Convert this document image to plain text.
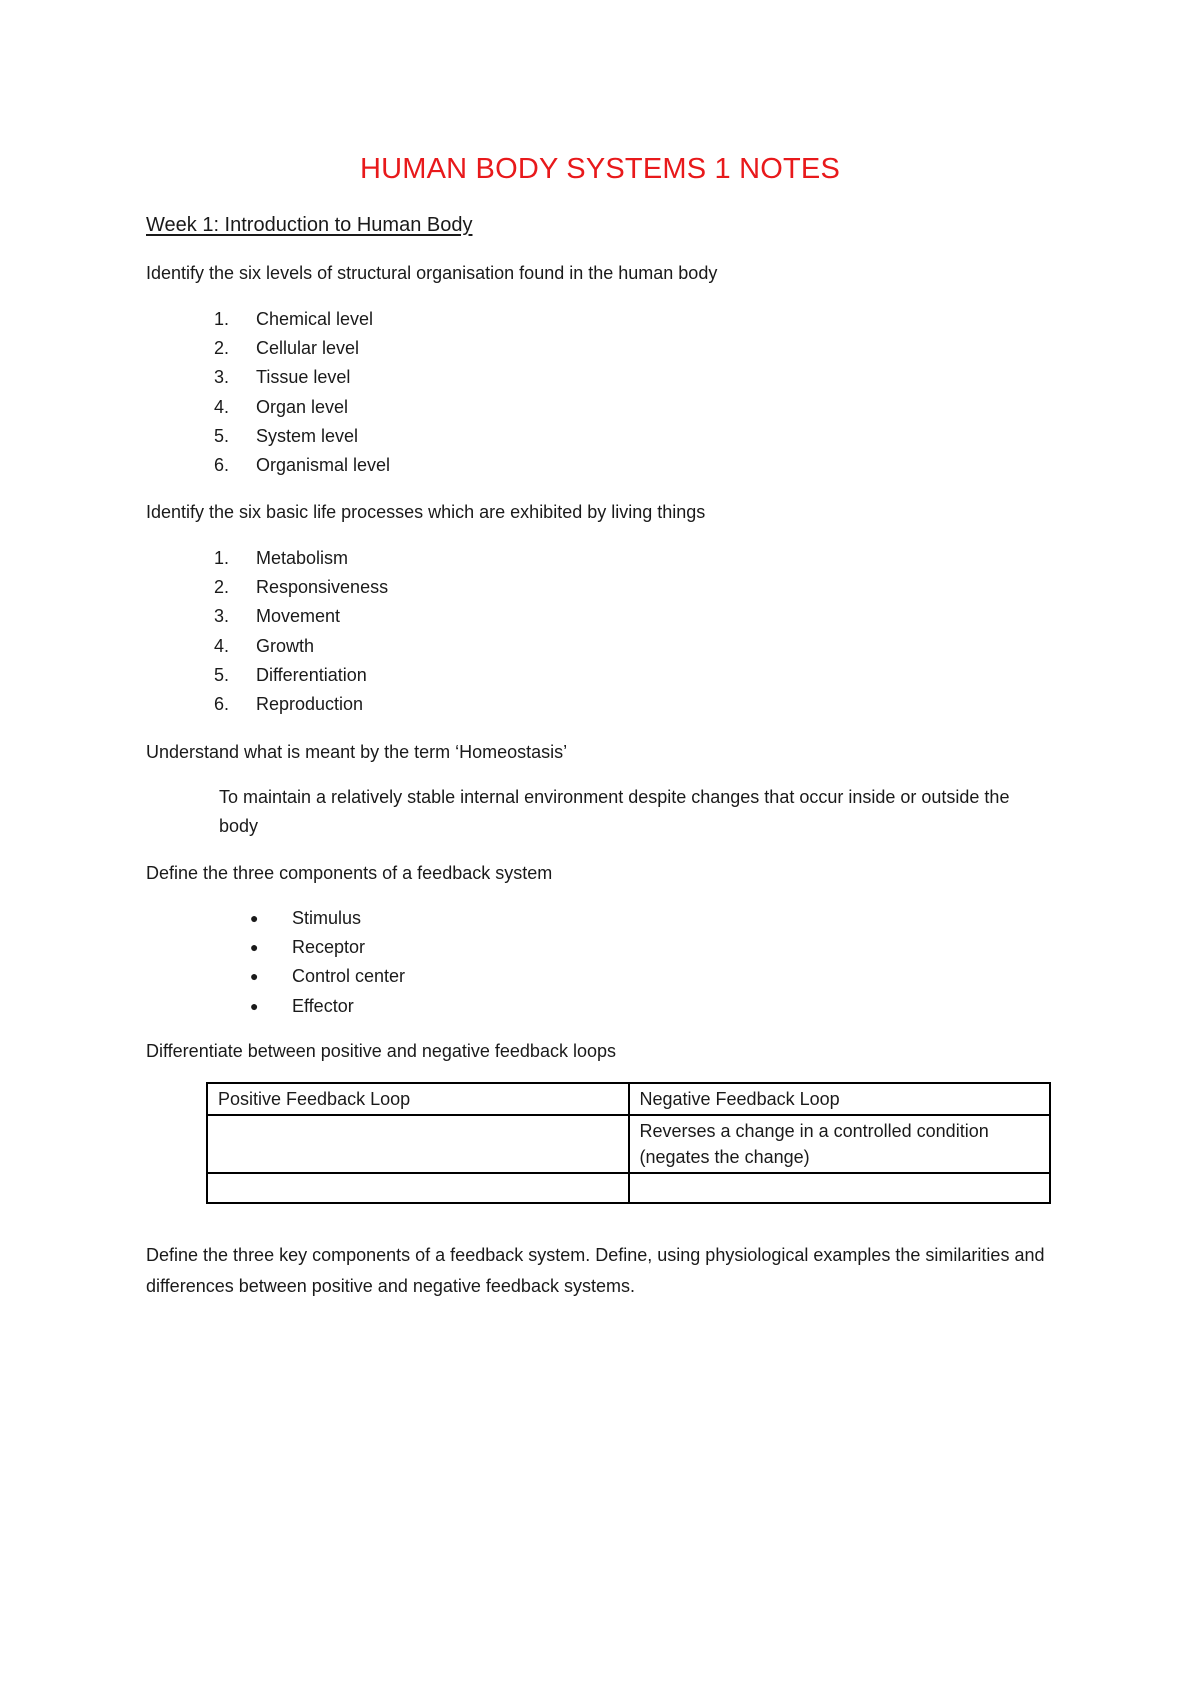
HUMAN BODY SYSTEMS 1 NOTES
Week 1: Introduction to Human Body
Identify the six levels of structural organisation found in the human body
1. Chemical level
2. Cellular level
3. Tissue level
4. Organ level
5. System level
6. Organismal level
Identify the six basic life processes which are exhibited by living things
1. Metabolism
2. Responsiveness
3. Movement
4. Growth
5. Differentiation
6. Reproduction
Understand what is meant by the term ‘Homeostasis’
To maintain a relatively stable internal environment despite changes that occur inside or outside the body
Define the three components of a feedback system
● Stimulus
● Receptor
● Control center
● Effector
Differentiate between positive and negative feedback loops
Positive Feedback Loop	Negative Feedback Loop
	Reverses a change in a controlled condition (negates the change)

Define the three key components of a feedback system. Define, using physiological examples the similarities and differences between positive and negative feedback systems.
